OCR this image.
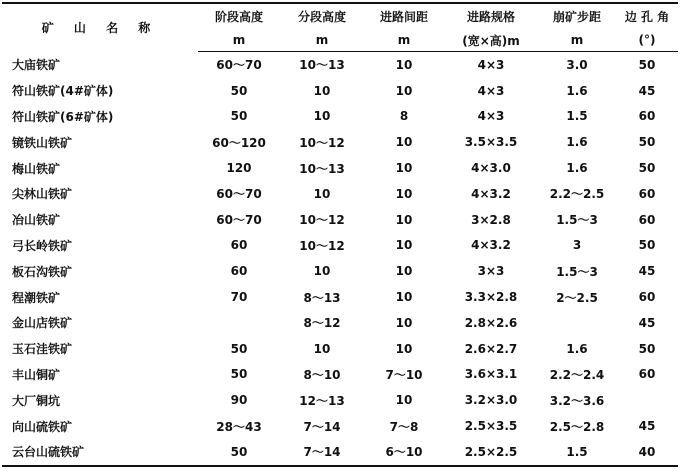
矿 山 名 称	阶段高度	分段高度	进路间距	进路规格	崩矿步距	边 孔 角
	m	m	m	(宽×高)m	m	(°)
大庙铁矿	60～70	10～13	10	4×3	3.0	50
符山铁矿(4#矿体)	50	10	10	4×3	1.6	45
符山铁矿(6#矿体)	50	10	8	4×3	1.5	60
镜铁山铁矿	60～120	10～12	10	3.5×3.5	1.6	50
梅山铁矿	120	10～13	10	4×3.0	1.6	50
尖林山铁矿	60～70	10	10	4×3.2	2.2～2.5	60
冶山铁矿	60～70	10～12	10	3×2.8	1.5～3	60
弓长岭铁矿	60	10～12	10	4×3.2	3	50
板石沟铁矿	60	10	10	3×3	1.5～3	45
程潮铁矿	70	8～13	10	3.3×2.8	2～2.5	60
金山店铁矿		8～12	10	2.8×2.6		45
玉石洼铁矿	50	10	10	2.6×2.7	1.6	50
丰山铜矿	50	8～10	7～10	3.6×3.1	2.2～2.4	60
大厂铜坑	90	12～13	10	3.2×3.0	3.2～3.6	
向山硫铁矿	28～43	7～14	7～8	2.5×3.5	2.5～2.8	45
云台山硫铁矿	50	7～14	6～10	2.5×2.5	1.5	40
